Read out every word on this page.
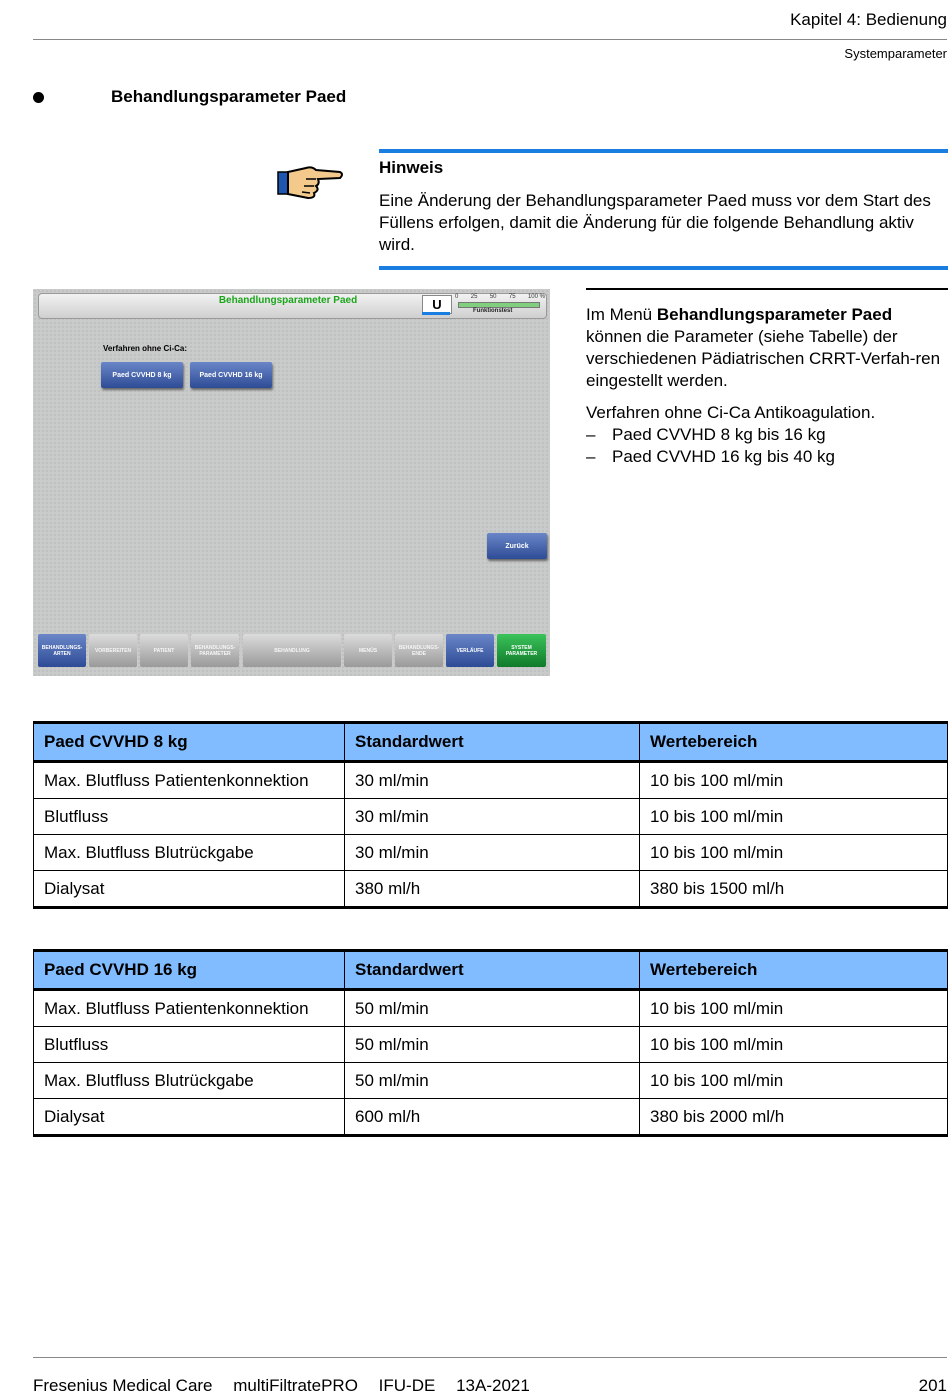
Kapitel 4: Bedienung
Systemparameter
Behandlungsparameter Paed
Hinweis
Eine Änderung der Behandlungsparameter Paed muss vor dem Start des Füllens erfolgen, damit die Änderung für die folgende Behandlung aktiv wird.
Behandlungsparameter Paed	U	0 25 50 75 100 %
Funktionstest
Verfahren ohne Ci-Ca:
Paed CVVHD 8 kg	Paed CVVHD 16 kg
Zurück
BEHANDLUNGS-ARTEN	VORBEREITEN	PATIENT	BEHANDLUNGS-PARAMETER	BEHANDLUNG	MENÜS	BEHANDLUNGS-ENDE	VERLÄUFE	SYSTEM PARAMETER

Im Menü Behandlungsparameter Paed können die Parameter (siehe Tabelle) der verschiedenen Pädiatrischen CRRT-Verfah-ren eingestellt werden.

Verfahren ohne Ci-Ca Antikoagulation.
– Paed CVVHD 8 kg bis 16 kg
– Paed CVVHD 16 kg bis 40 kg
Paed CVVHD 8 kg	Standardwert	Wertebereich
Max. Blutfluss Patientenkonnektion	30 ml/min	10 bis 100 ml/min
Blutfluss	30 ml/min	10 bis 100 ml/min
Max. Blutfluss Blutrückgabe	30 ml/min	10 bis 100 ml/min
Dialysat	380 ml/h	380 bis 1500 ml/h
Paed CVVHD 16 kg	Standardwert	Wertebereich
Max. Blutfluss Patientenkonnektion	50 ml/min	10 bis 100 ml/min
Blutfluss	50 ml/min	10 bis 100 ml/min
Max. Blutfluss Blutrückgabe	50 ml/min	10 bis 100 ml/min
Dialysat	600 ml/h	380 bis 2000 ml/h
Fresenius Medical Care multiFiltratePRO IFU-DE 13A-2021	201
